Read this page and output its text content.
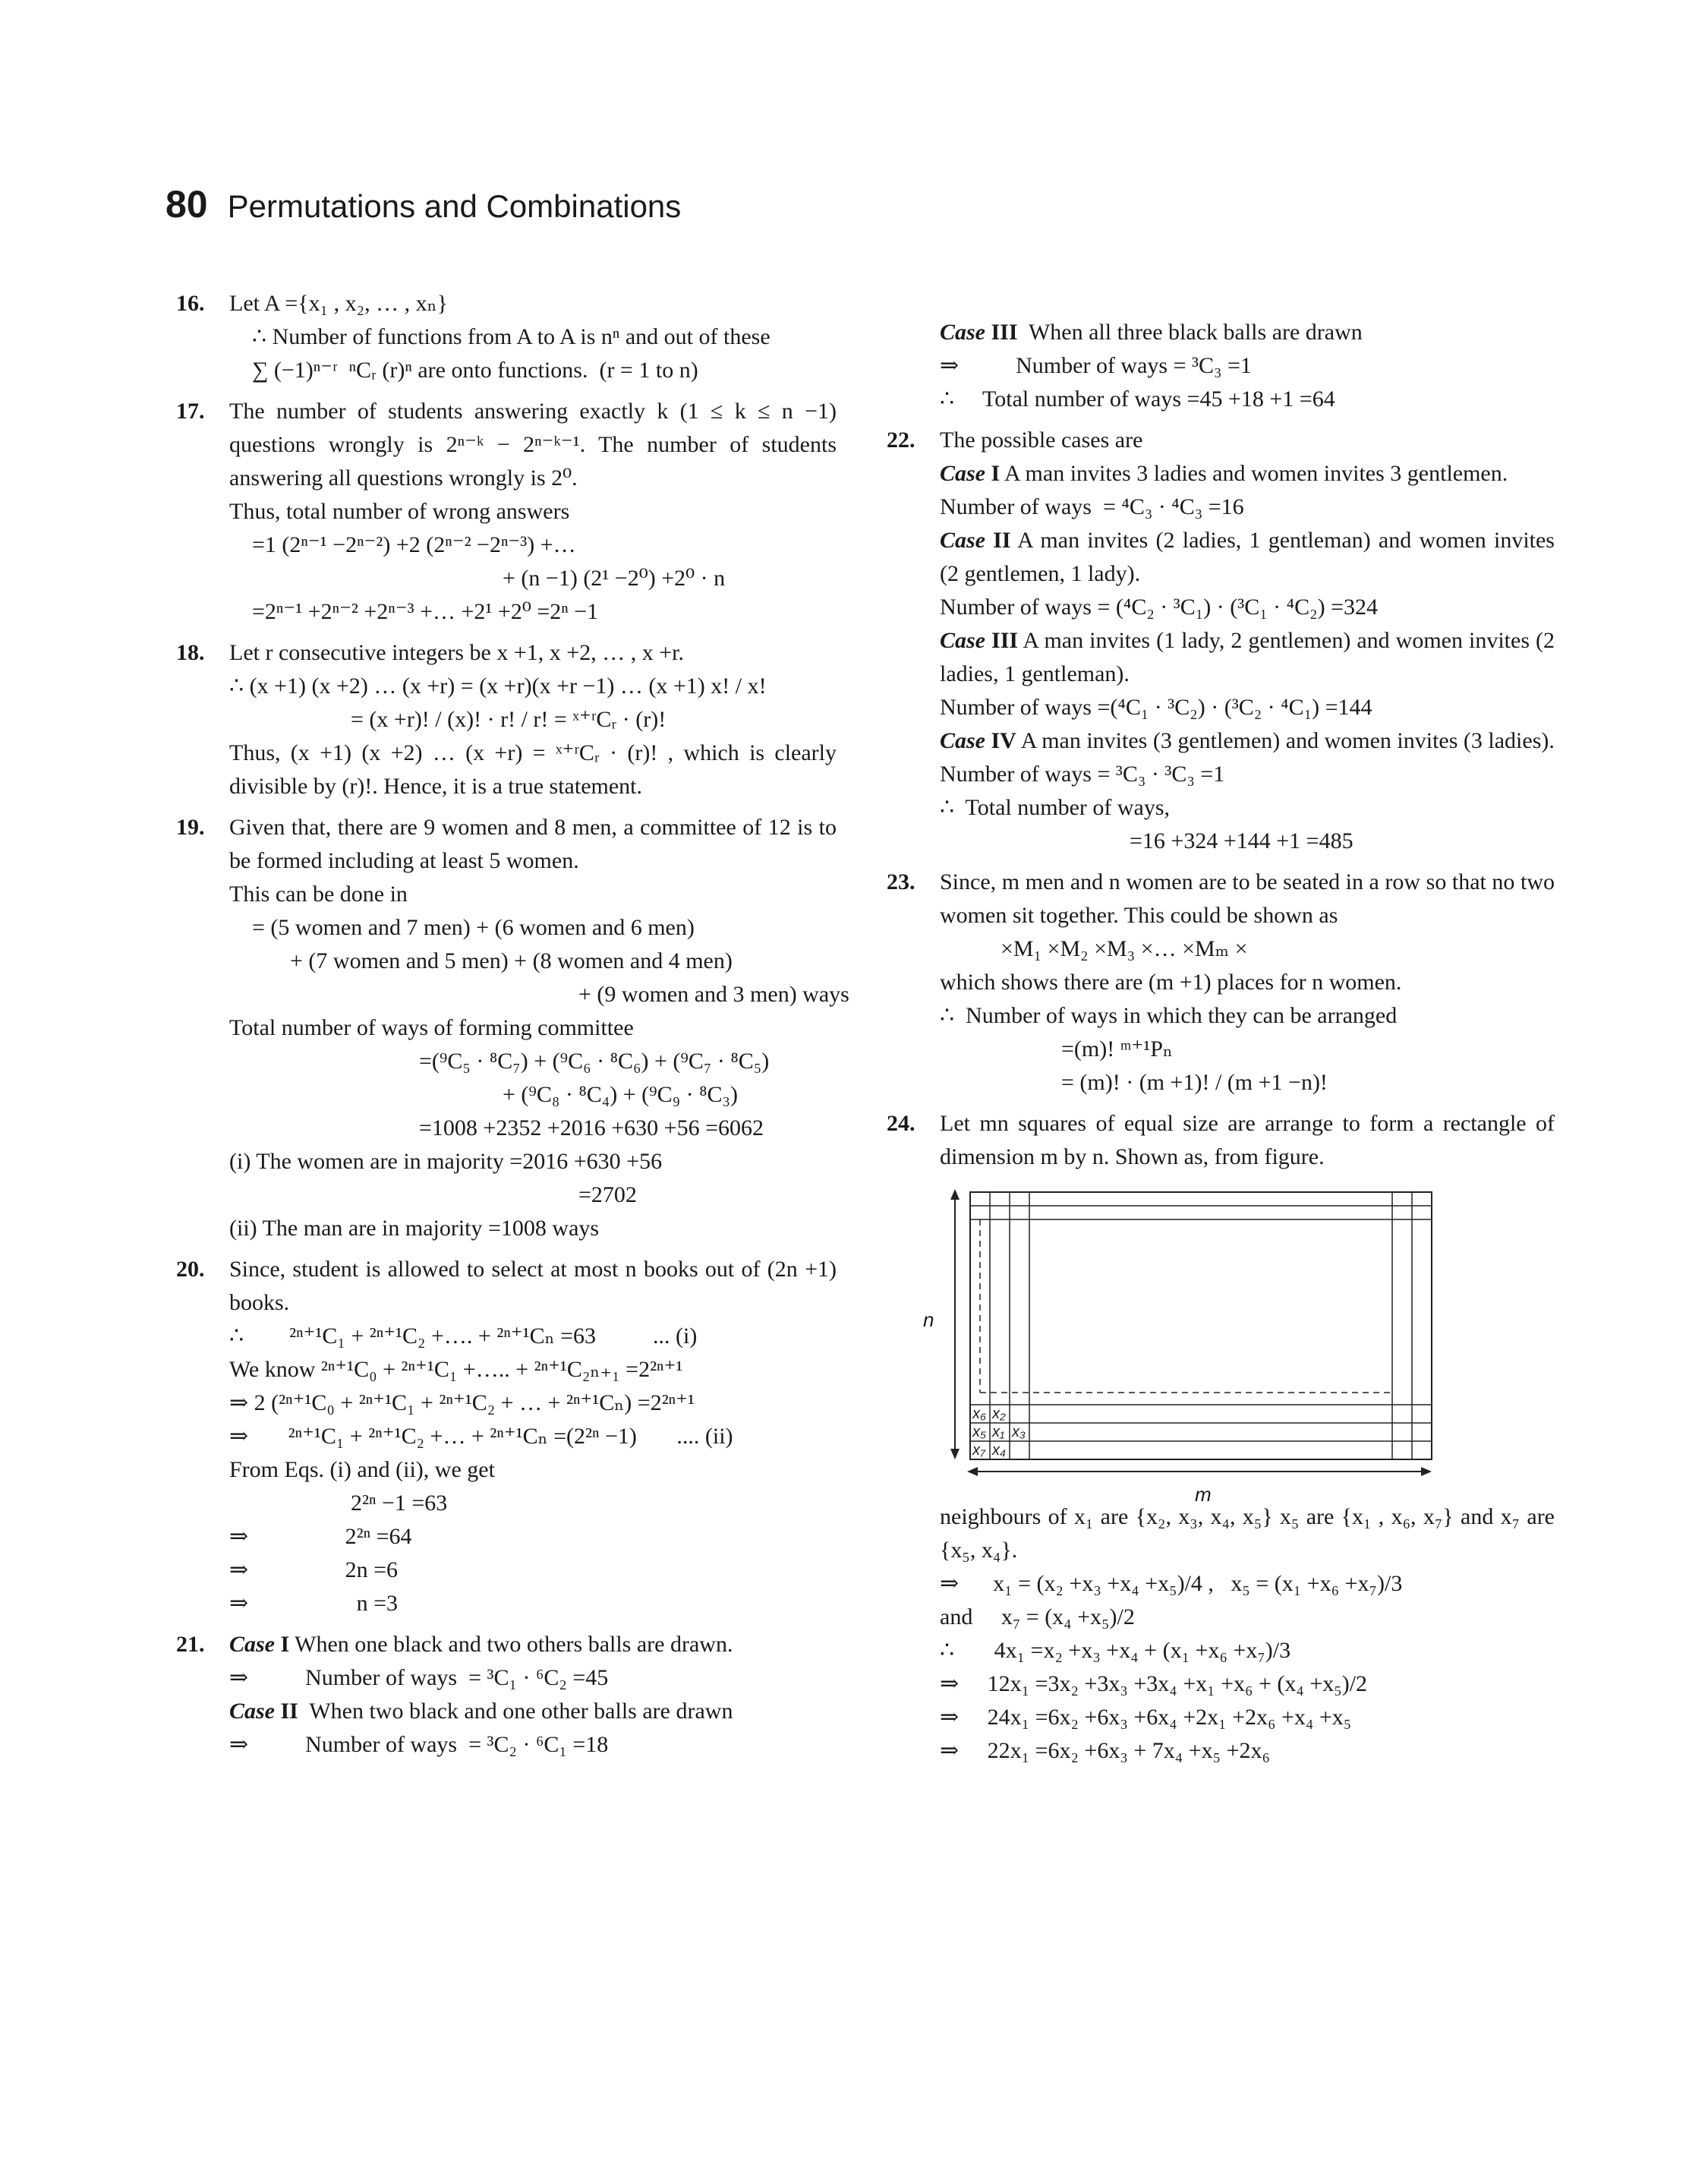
80 Permutations and Combinations
16. Let A ={x₁ , x₂, … , xₙ}
∴ Number of functions from A to A is nⁿ and out of these
∑ (−1)ⁿ⁻ʳ  ⁿCᵣ (r)ⁿ are onto functions.  (r = 1 to n)
17. The number of students answering exactly k (1 ≤ k ≤ n −1) questions wrongly is 2ⁿ⁻ᵏ − 2ⁿ⁻ᵏ⁻¹. The number of students answering all questions wrongly is 2⁰.
Thus, total number of wrong answers
=1 (2ⁿ⁻¹ −2ⁿ⁻²) +2 (2ⁿ⁻² −2ⁿ⁻³) +…
+ (n −1) (2¹ −2⁰) +2⁰ · n
=2ⁿ⁻¹ +2ⁿ⁻² +2ⁿ⁻³ +… +2¹ +2⁰ =2ⁿ −1
18. Let r consecutive integers be x +1, x +2, … , x +r.
∴ (x +1) (x +2) … (x +r) = (x +r)(x +r −1) … (x +1) x! / x!
= (x +r)! / (x)! · r! / r! = ˣ⁺ʳCᵣ · (r)!
Thus, (x +1) (x +2) … (x +r) = ˣ⁺ʳCᵣ · (r)! , which is clearly divisible by (r)!. Hence, it is a true statement.
19. Given that, there are 9 women and 8 men, a committee of 12 is to be formed including at least 5 women.
This can be done in
= (5 women and 7 men) + (6 women and 6 men)
+ (7 women and 5 men) + (8 women and 4 men)
+ (9 women and 3 men) ways
Total number of ways of forming committee
=(⁹C₅ · ⁸C₇) + (⁹C₆ · ⁸C₆) + (⁹C₇ · ⁸C₅)
+ (⁹C₈ · ⁸C₄) + (⁹C₉ · ⁸C₃)
=1008 +2352 +2016 +630 +56 =6062
(i) The women are in majority =2016 +630 +56
=2702
(ii) The man are in majority =1008 ways
20. Since, student is allowed to select at most n books out of (2n +1) books.
∴        ²ⁿ⁺¹C₁ + ²ⁿ⁺¹C₂ +…. + ²ⁿ⁺¹Cₙ =63          ... (i)
We know ²ⁿ⁺¹C₀ + ²ⁿ⁺¹C₁ +….. + ²ⁿ⁺¹C₂ₙ₊₁ =2²ⁿ⁺¹
⇒ 2 (²ⁿ⁺¹C₀ + ²ⁿ⁺¹C₁ + ²ⁿ⁺¹C₂ + … + ²ⁿ⁺¹Cₙ) =2²ⁿ⁺¹
⇒       ²ⁿ⁺¹C₁ + ²ⁿ⁺¹C₂ +… + ²ⁿ⁺¹Cₙ =(2²ⁿ −1)       .... (ii)
From Eqs. (i) and (ii), we get
2²ⁿ −1 =63
⇒                 2²ⁿ =64
⇒                 2n =6
⇒                   n =3
21. Case I When one black and two others balls are drawn.
⇒          Number of ways  = ³C₁ · ⁶C₂ =45
Case II  When two black and one other balls are drawn
⇒          Number of ways  = ³C₂ · ⁶C₁ =18
Case III  When all three black balls are drawn
⇒          Number of ways = ³C₃ =1
∴     Total number of ways =45 +18 +1 =64
22. The possible cases are
Case I A man invites 3 ladies and women invites 3 gentlemen.
Number of ways  = ⁴C₃ · ⁴C₃ =16
Case II A man invites (2 ladies, 1 gentleman) and women invites (2 gentlemen, 1 lady).
Number of ways = (⁴C₂ · ³C₁) · (³C₁ · ⁴C₂) =324
Case III A man invites (1 lady, 2 gentlemen) and women invites (2 ladies, 1 gentleman).
Number of ways =(⁴C₁ · ³C₂) · (³C₂ · ⁴C₁) =144
Case IV A man invites (3 gentlemen) and women invites (3 ladies).
Number of ways = ³C₃ · ³C₃ =1
∴  Total number of ways,
=16 +324 +144 +1 =485
23. Since, m men and n women are to be seated in a row so that no two women sit together. This could be shown as
×M₁ ×M₂ ×M₃ ×… ×Mₘ ×
which shows there are (m +1) places for n women.
∴  Number of ways in which they can be arranged
=(m)! ᵐ⁺¹Pₙ
= (m)! · (m +1)! / (m +1 −n)!
24. Let mn squares of equal size are arrange to form a rectangle of dimension m by n. Shown as, from figure.
x₆ x₂
x₅ x₁ x₃
x₇ x₄
n
m
neighbours of x₁ are {x₂, x₃, x₄, x₅} x₅ are {x₁ , x₆, x₇} and x₇ are {x₅, x₄}.
⇒      x₁ = (x₂ +x₃ +x₄ +x₅)/4 ,   x₅ = (x₁ +x₆ +x₇)/3
and     x₇ = (x₄ +x₅)/2
∴       4x₁ =x₂ +x₃ +x₄ + (x₁ +x₆ +x₇)/3
⇒     12x₁ =3x₂ +3x₃ +3x₄ +x₁ +x₆ + (x₄ +x₅)/2
⇒     24x₁ =6x₂ +6x₃ +6x₄ +2x₁ +2x₆ +x₄ +x₅
⇒     22x₁ =6x₂ +6x₃ + 7x₄ +x₅ +2x₆
